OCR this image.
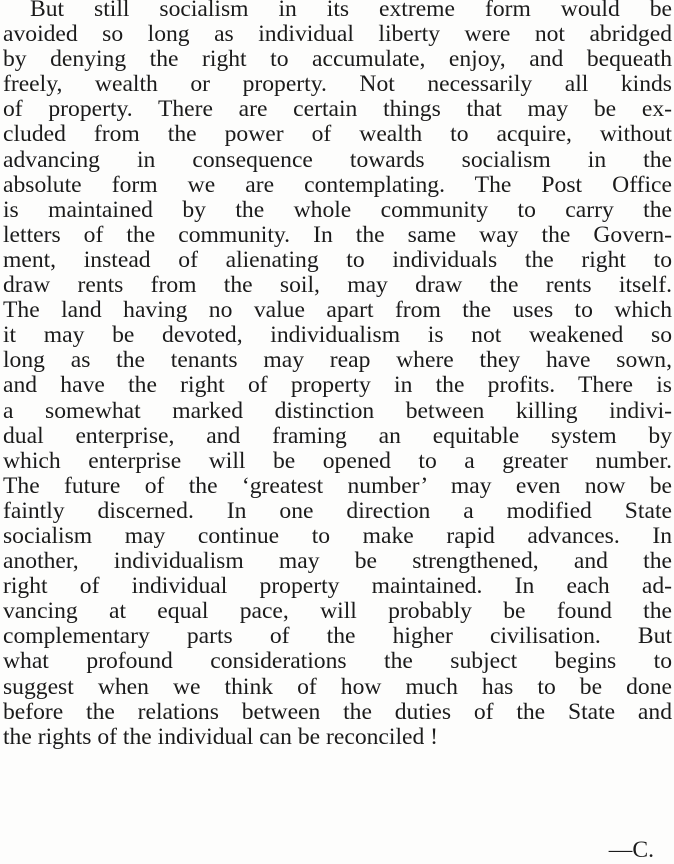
But still socialism in its extreme form would be
avoided so long as individual liberty were not abridged
by denying the right to accumulate, enjoy, and bequeath
freely, wealth or property. Not necessarily all kinds
of property. There are certain things that may be ex-
cluded from the power of wealth to acquire, without
advancing in consequence towards socialism in the
absolute form we are contemplating. The Post Office
is maintained by the whole community to carry the
letters of the community. In the same way the Govern-
ment, instead of alienating to individuals the right to
draw rents from the soil, may draw the rents itself.
The land having no value apart from the uses to which
it may be devoted, individualism is not weakened so
long as the tenants may reap where they have sown,
and have the right of property in the profits. There is
a somewhat marked distinction between killing indivi-
dual enterprise, and framing an equitable system by
which enterprise will be opened to a greater number.
The future of the ‘greatest number’ may even now be
faintly discerned. In one direction a modified State
socialism may continue to make rapid advances. In
another, individualism may be strengthened, and the
right of individual property maintained. In each ad-
vancing at equal pace, will probably be found the
complementary parts of the higher civilisation. But
what profound considerations the subject begins to
suggest when we think of how much has to be done
before the relations between the duties of the State and
the rights of the individual can be reconciled !
—C.
